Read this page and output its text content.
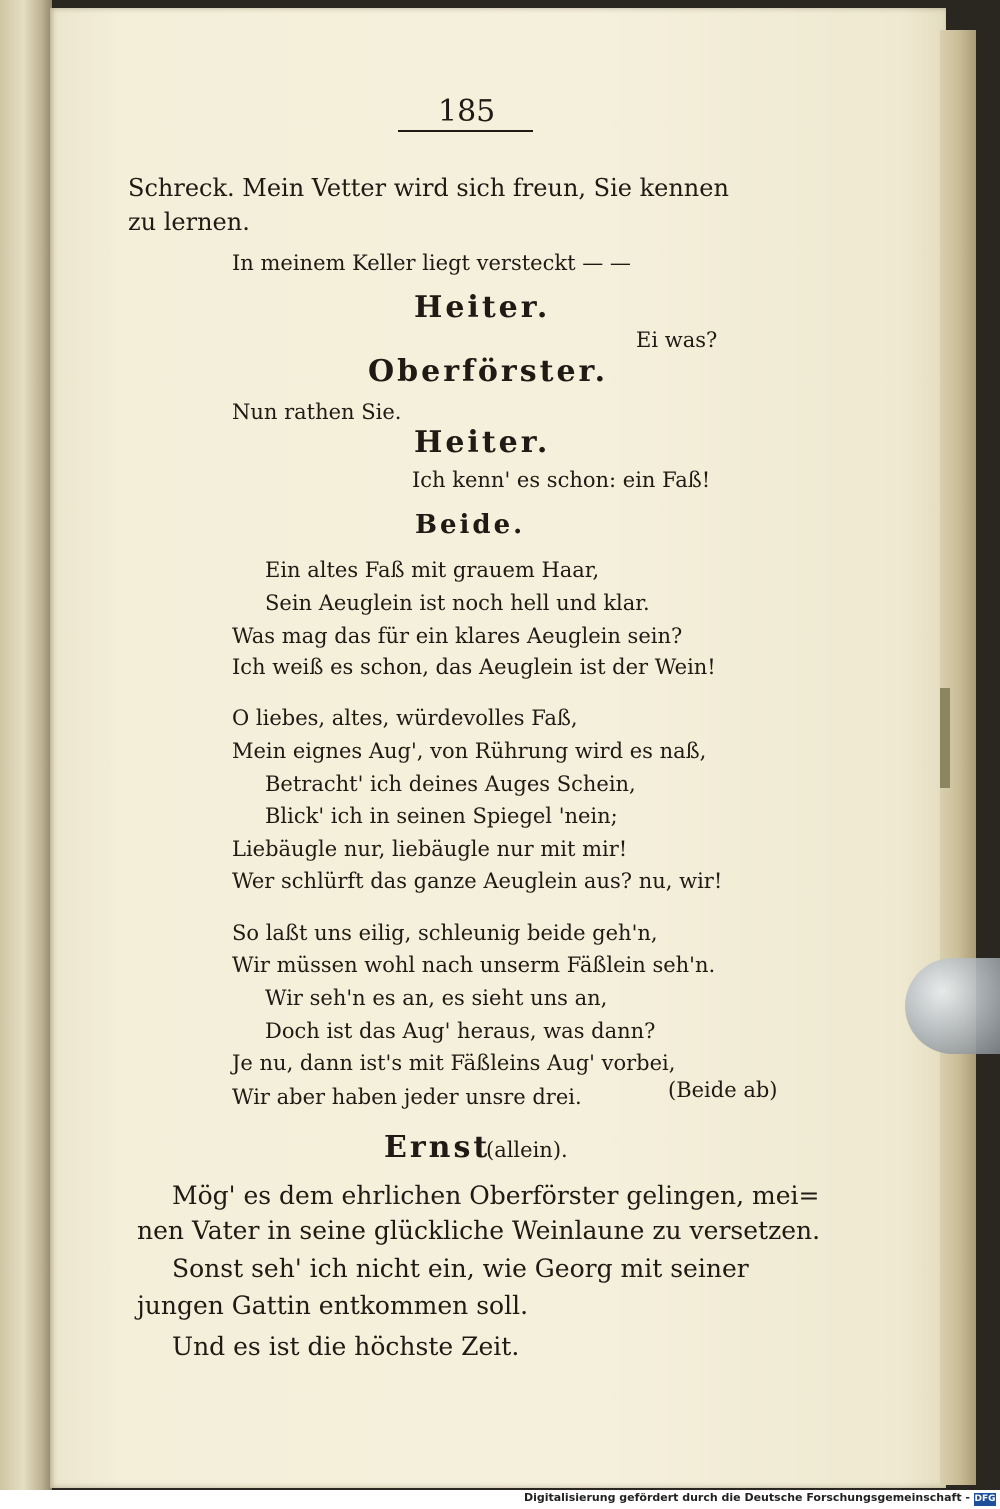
185
Schreck. Mein Vetter wird sich freun, Sie kennen
zu lernen.
In meinem Keller liegt versteckt — —
Heiter.
Ei was?
Oberförster.
Nun rathen Sie.
Heiter.
Ich kenn' es schon: ein Faß!
Beide.
Ein altes Faß mit grauem Haar,
Sein Aeuglein ist noch hell und klar.
Was mag das für ein klares Aeuglein sein?
Ich weiß es schon, das Aeuglein ist der Wein!
O liebes, altes, würdevolles Faß,
Mein eignes Aug', von Rührung wird es naß,
Betracht' ich deines Auges Schein,
Blick' ich in seinen Spiegel 'nein;
Liebäugle nur, liebäugle nur mit mir!
Wer schlürft das ganze Aeuglein aus? nu, wir!
So laßt uns eilig, schleunig beide geh'n,
Wir müssen wohl nach unserm Fäßlein seh'n.
Wir seh'n es an, es sieht uns an,
Doch ist das Aug' heraus, was dann?
Je nu, dann ist's mit Fäßleins Aug' vorbei,
Wir aber haben jeder unsre drei.	(Beide ab)
Ernst
(allein).
Mög' es dem ehrlichen Oberförster gelingen, mei=
nen Vater in seine glückliche Weinlaune zu versetzen.
Sonst seh' ich nicht ein, wie Georg mit seiner
jungen Gattin entkommen soll.
Und es ist die höchste Zeit.
Digitalisierung gefördert durch die Deutsche Forschungsgemeinschaft - DFG
